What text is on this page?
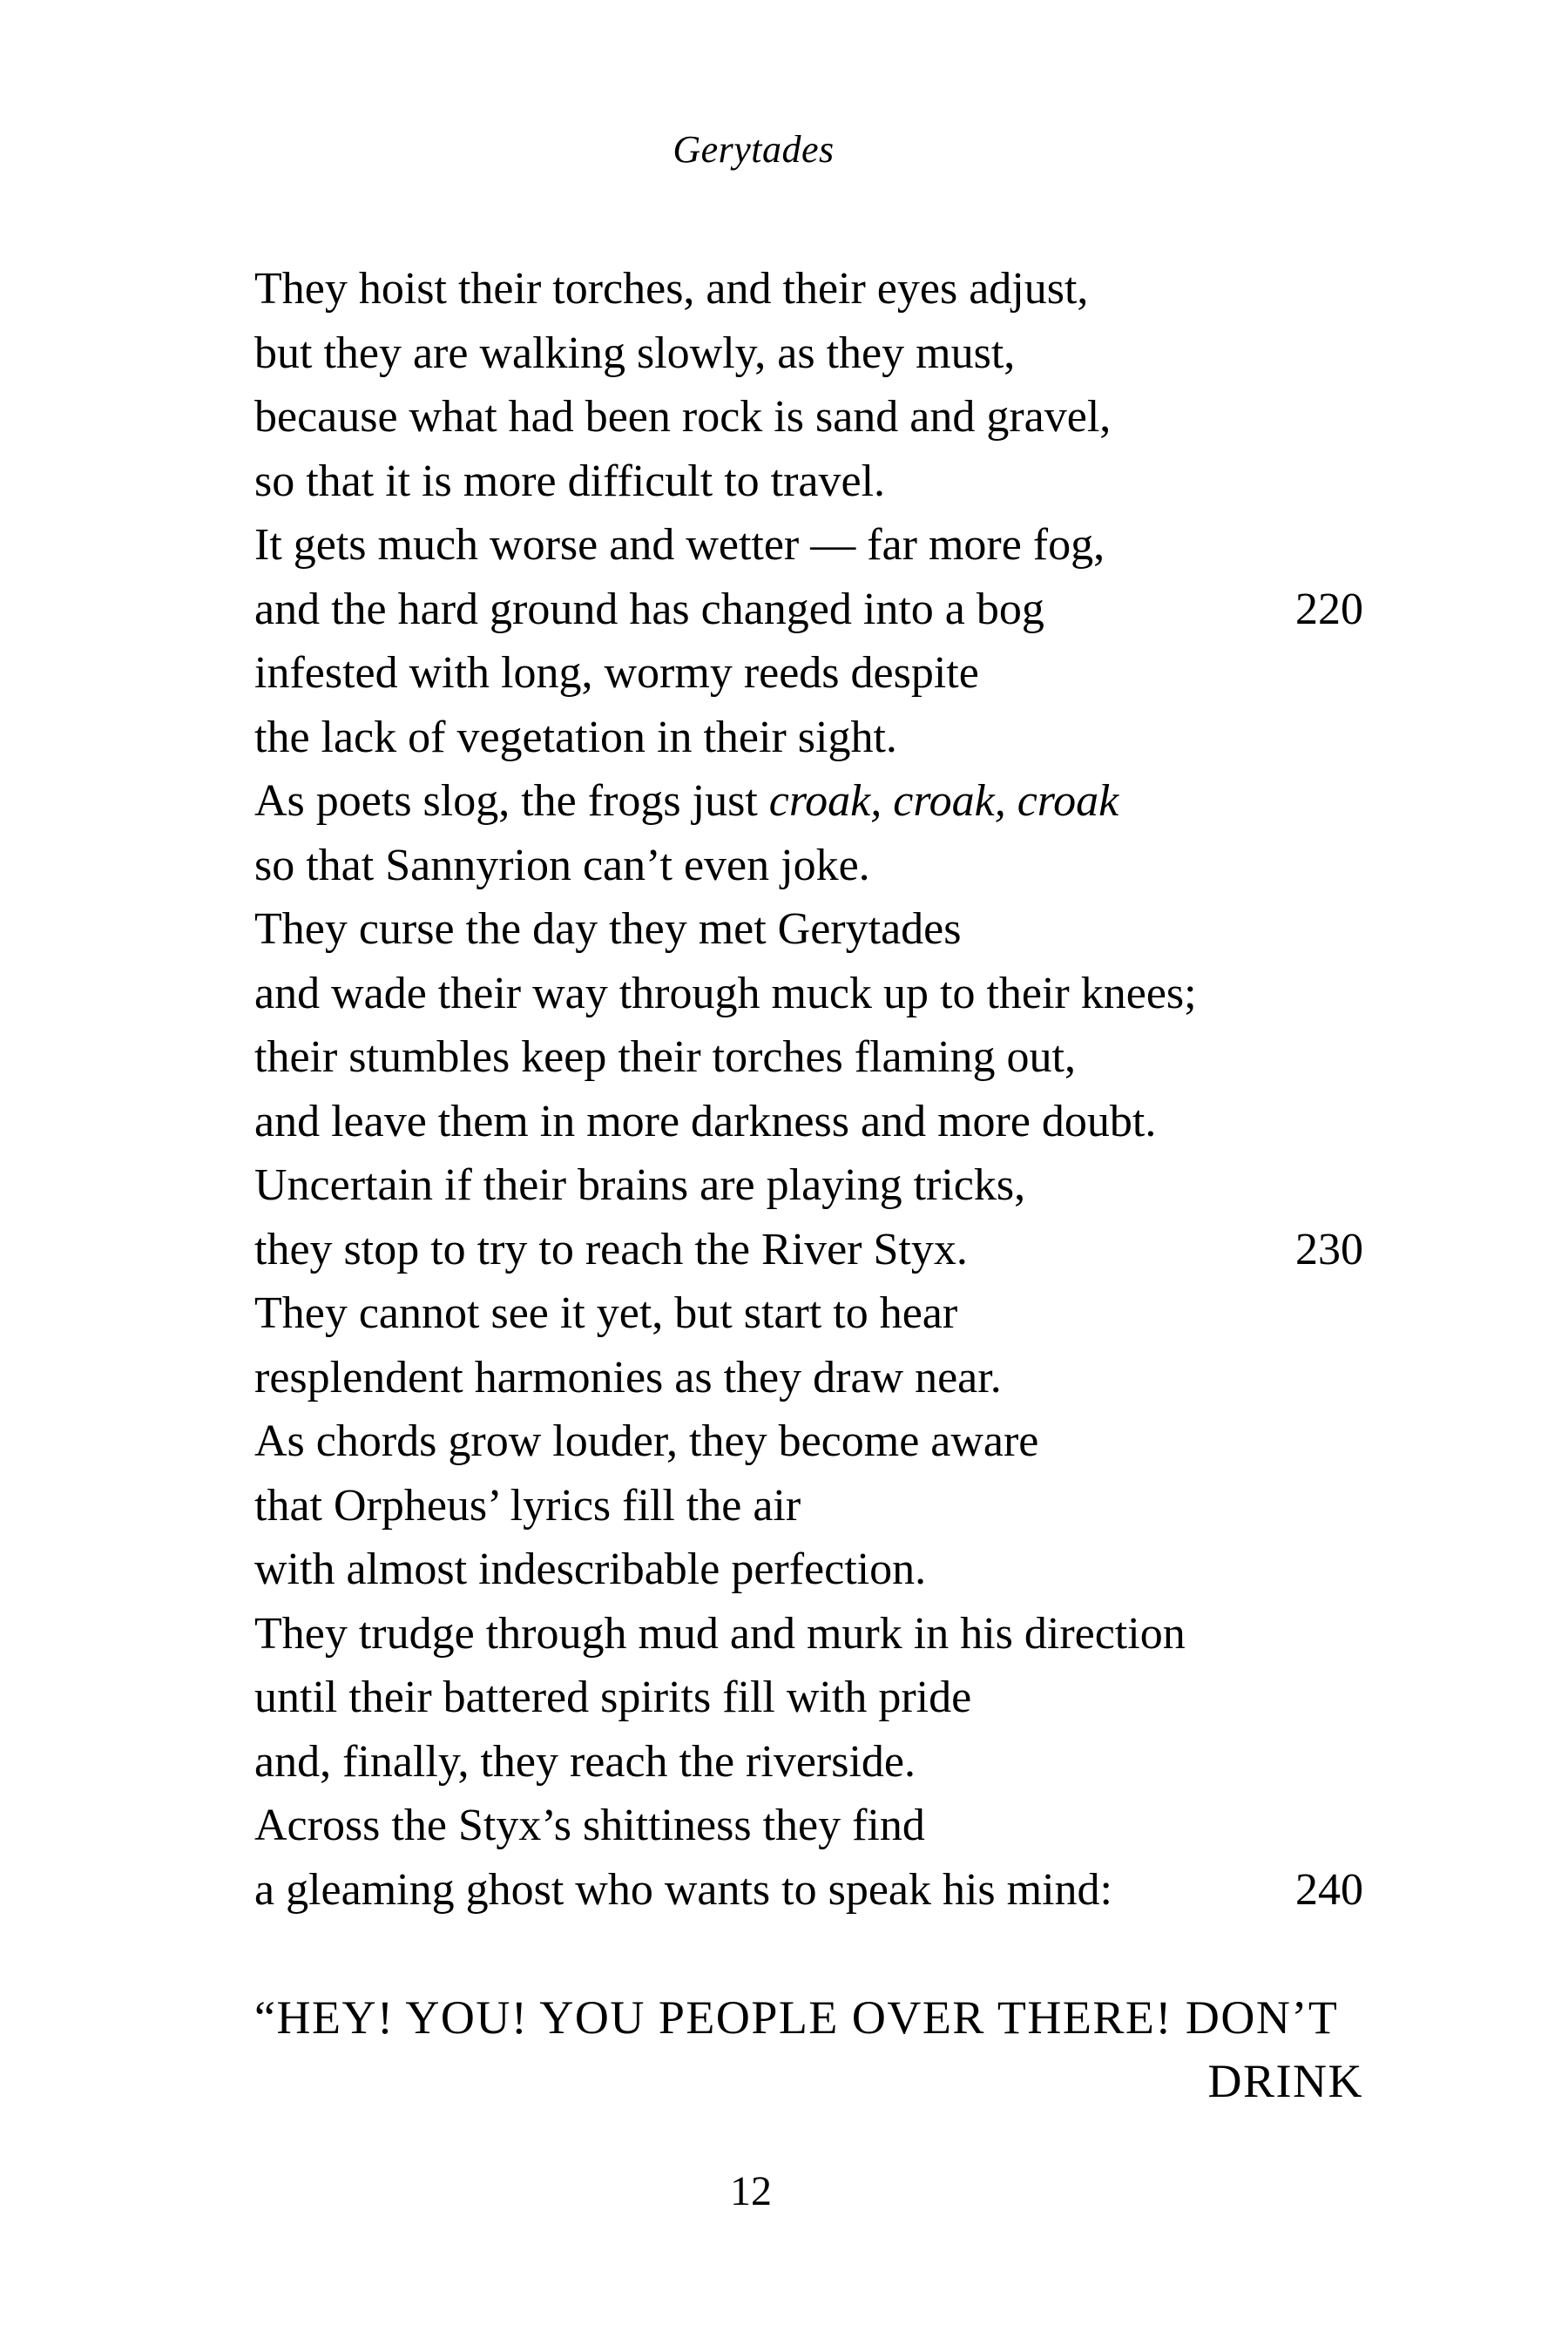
Gerytades
They hoist their torches, and their eyes adjust,
but they are walking slowly, as they must,
because what had been rock is sand and gravel,
so that it is more difficult to travel.
It gets much worse and wetter — far more fog,
and the hard ground has changed into a bog	220
infested with long, wormy reeds despite
the lack of vegetation in their sight.
As poets slog, the frogs just croak, croak, croak
so that Sannyrion can’t even joke.
They curse the day they met Gerytades
and wade their way through muck up to their knees;
their stumbles keep their torches flaming out,
and leave them in more darkness and more doubt.
Uncertain if their brains are playing tricks,
they stop to try to reach the River Styx.	230
They cannot see it yet, but start to hear
resplendent harmonies as they draw near.
As chords grow louder, they become aware
that Orpheus’ lyrics fill the air
with almost indescribable perfection.
They trudge through mud and murk in his direction
until their battered spirits fill with pride
and, finally, they reach the riverside.
Across the Styx’s shittiness they find
a gleaming ghost who wants to speak his mind:	240
“HEY! YOU! YOU PEOPLE OVER THERE! DON’T
DRINK
12
